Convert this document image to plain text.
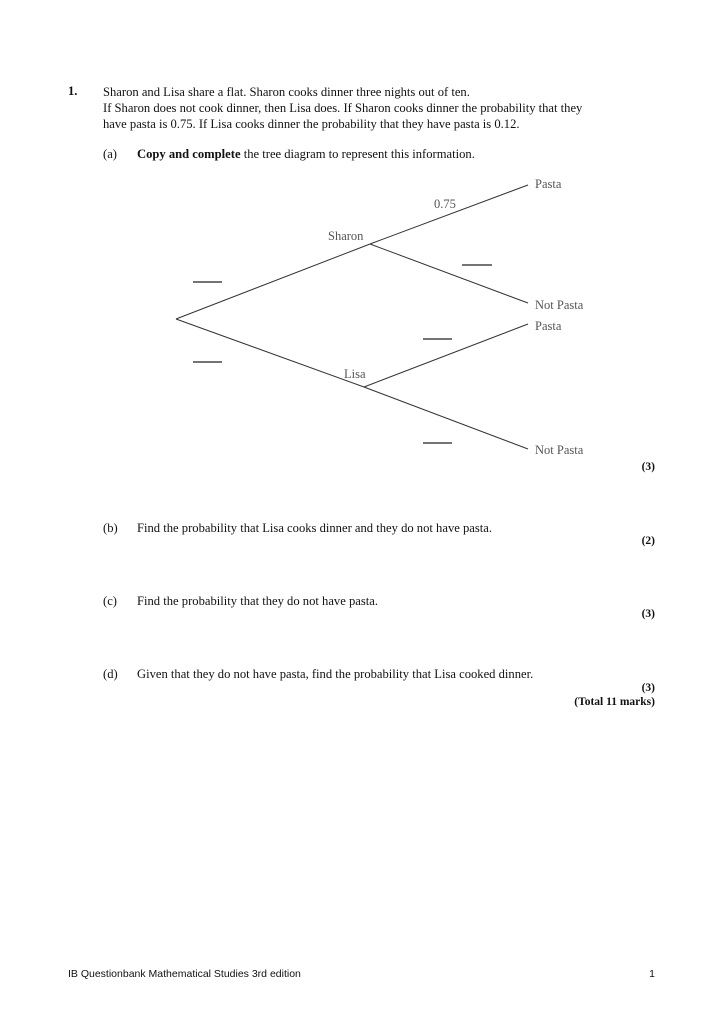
1. Sharon and Lisa share a flat. Sharon cooks dinner three nights out of ten.
If Sharon does not cook dinner, then Lisa does. If Sharon cooks dinner the probability that they
have pasta is 0.75. If Lisa cooks dinner the probability that they have pasta is 0.12.
(a) Copy and complete the tree diagram to represent this information.
0.75
Sharon
Lisa
Pasta
Not Pasta
Pasta
Not Pasta
(3)
(b) Find the probability that Lisa cooks dinner and they do not have pasta.
(2)
(c) Find the probability that they do not have pasta.
(3)
(d) Given that they do not have pasta, find the probability that Lisa cooked dinner.
(3)
(Total 11 marks)
IB Questionbank Mathematical Studies 3rd edition	1
